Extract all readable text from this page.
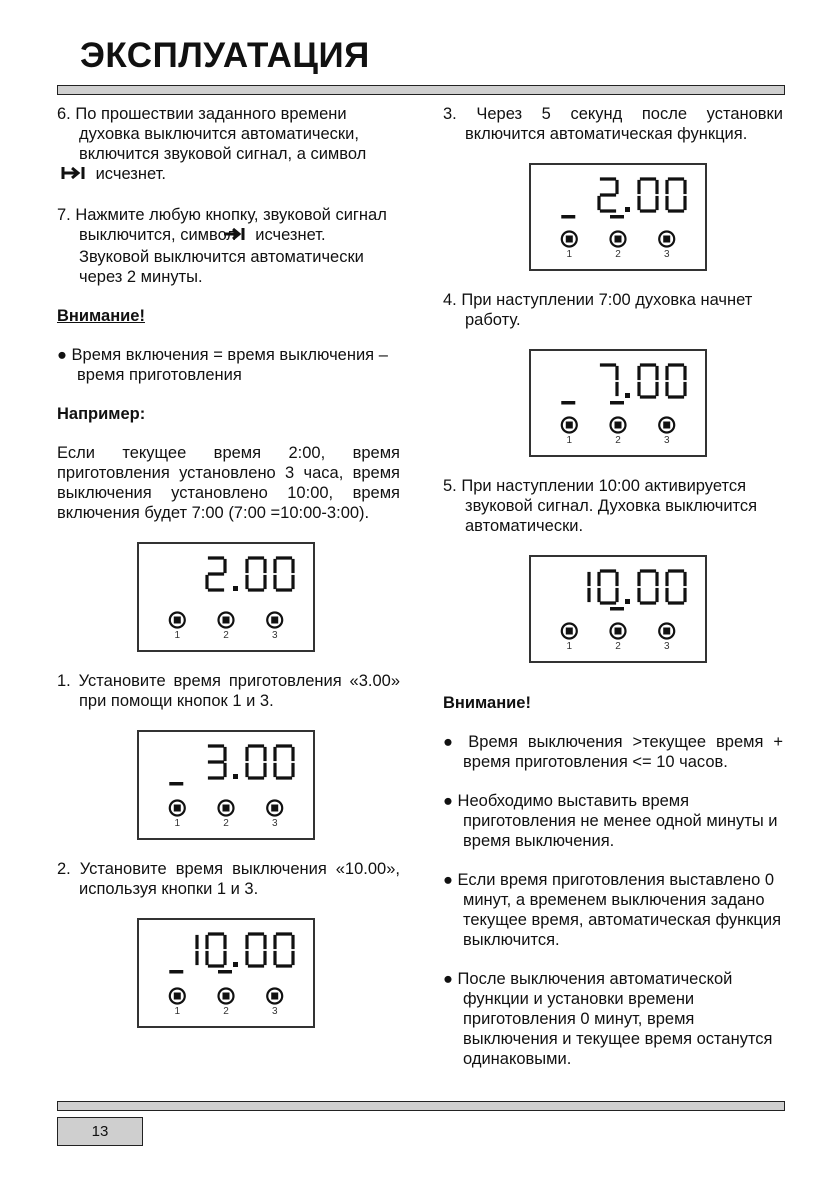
ЭКСПЛУАТАЦИЯ

6. По прошествии заданного времени духовка выключится автоматически, включится звуковой сигнал, а символ
исчезнет.

7. Нажмите любую кнопку, звуковой сигнал выключится, символ исчезнет. Звуковой выключится автоматически через 2 минуты.

Внимание!

● Время включения = время выключения – время приготовления

Например:

Если текущее время 2:00, время приготовления установлено 3 часа, время выключения установлено 10:00, время включения будет 7:00 (7:00 =10:00-3:00).

1	2	3

1. Установите время приготовления «3.00» при помощи кнопок 1 и 3.

1	2	3

2. Установите время выключения «10.00», используя кнопки 1 и 3.

1	2	3

3. Через 5 секунд после установки включится автоматическая функция.

1	2	3

4. При наступлении 7:00 духовка начнет работу.

1	2	3

5. При наступлении 10:00 активируется звуковой сигнал. Духовка выключится автоматически.

1	2	3

Внимание!

● Время выключения >текущее время + время приготовления <= 10 часов.

● Необходимо выставить время приготовления не менее одной минуты и время выключения.

● Если время приготовления выставлено 0 минут, а временем выключения задано текущее время, автоматическая функция выключится.

● После выключения автоматической функции и установки времени приготовления 0 минут, время выключения и текущее время останутся одинаковыми.

13
